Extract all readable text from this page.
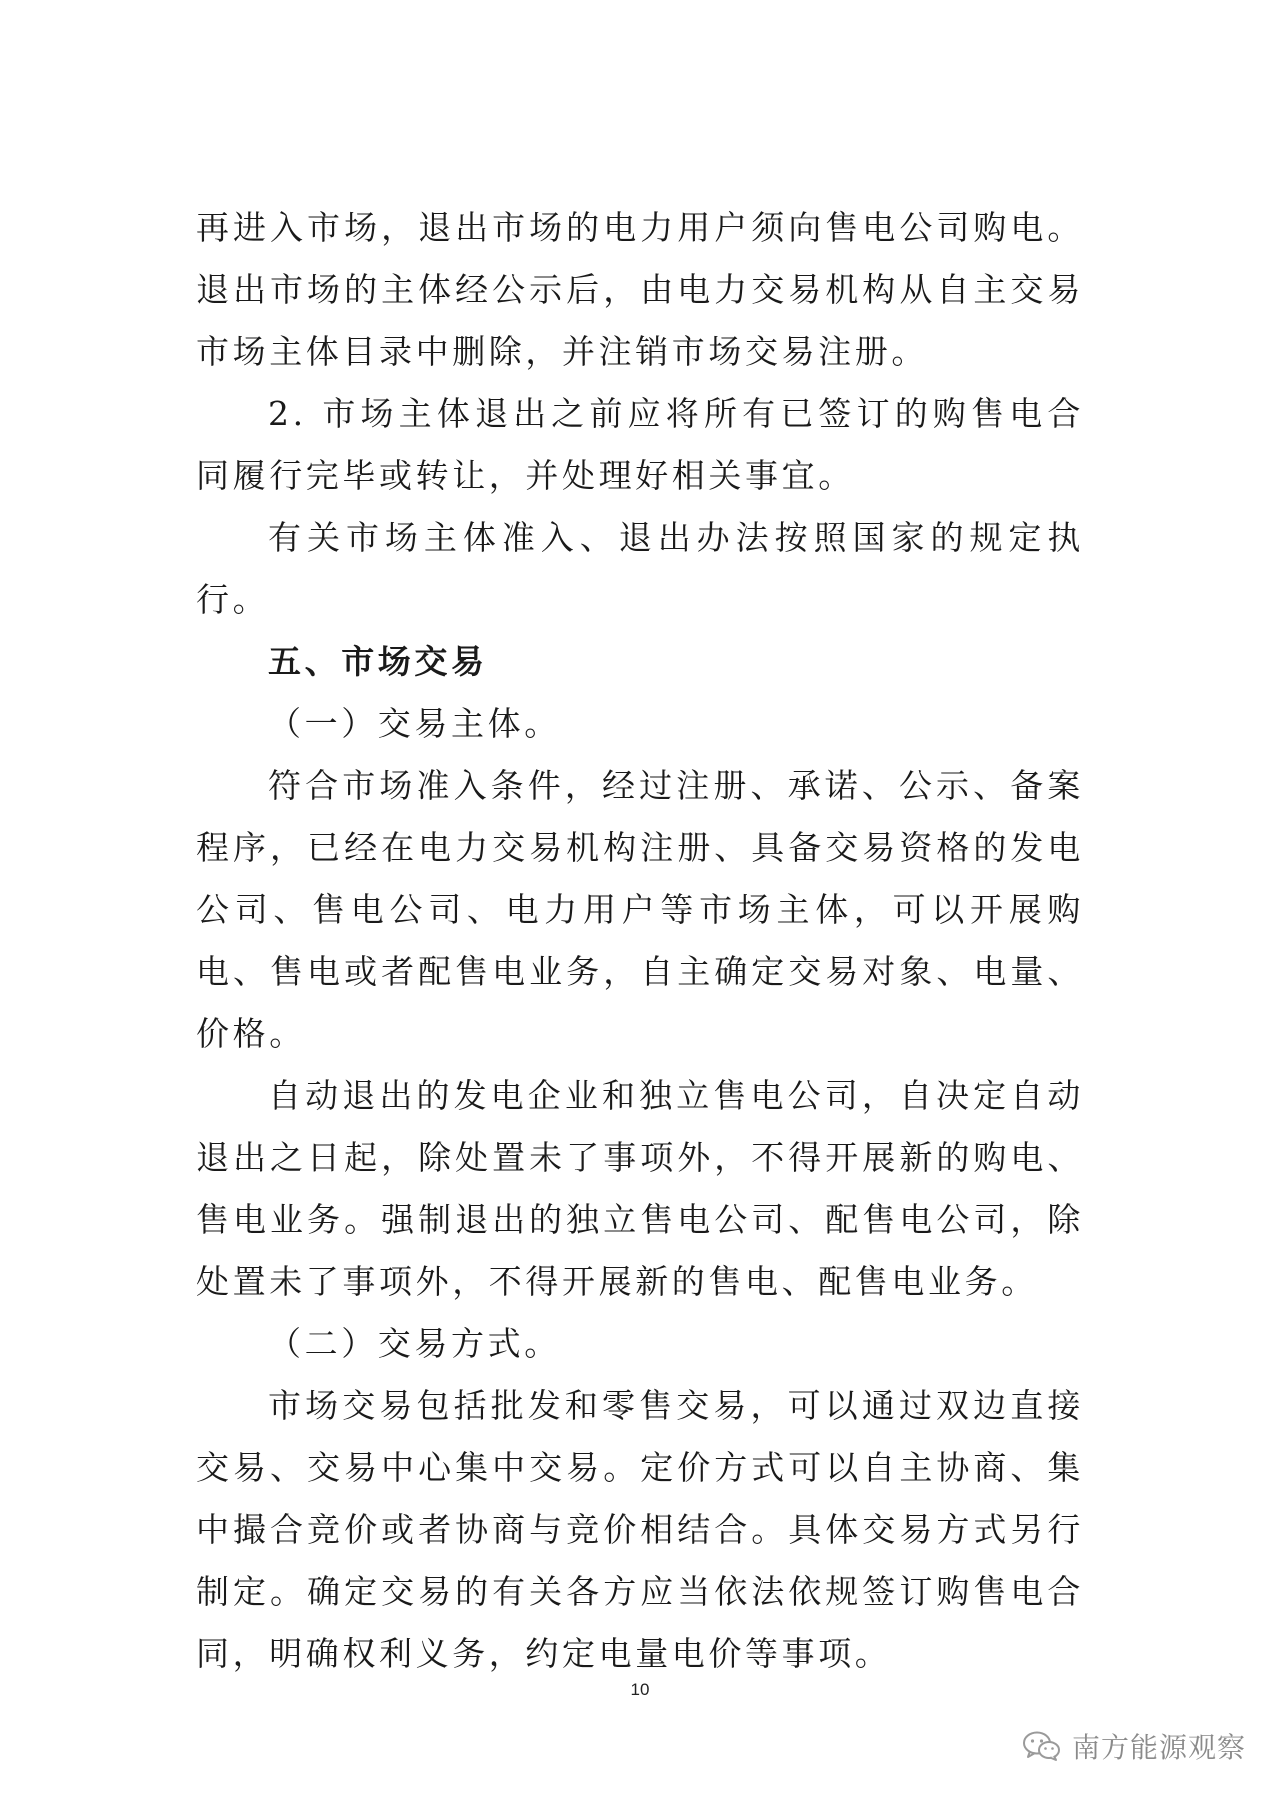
再进入市场，退出市场的电力用户须向售电公司购电。退出市场的主体经公示后，由电力交易机构从自主交易市场主体目录中删除，并注销市场交易注册。

2. 市场主体退出之前应将所有已签订的购售电合同履行完毕或转让，并处理好相关事宜。

有关市场主体准入、退出办法按照国家的规定执行。

五、市场交易

（一）交易主体。

符合市场准入条件，经过注册、承诺、公示、备案程序，已经在电力交易机构注册、具备交易资格的发电公司、售电公司、电力用户等市场主体，可以开展购电、售电或者配售电业务，自主确定交易对象、电量、价格。

自动退出的发电企业和独立售电公司，自决定自动退出之日起，除处置未了事项外，不得开展新的购电、售电业务。强制退出的独立售电公司、配售电公司，除处置未了事项外，不得开展新的售电、配售电业务。

（二）交易方式。

市场交易包括批发和零售交易，可以通过双边直接交易、交易中心集中交易。定价方式可以自主协商、集中撮合竞价或者协商与竞价相结合。具体交易方式另行制定。确定交易的有关各方应当依法依规签订购售电合同，明确权利义务，约定电量电价等事项。

10
南方能源观察
